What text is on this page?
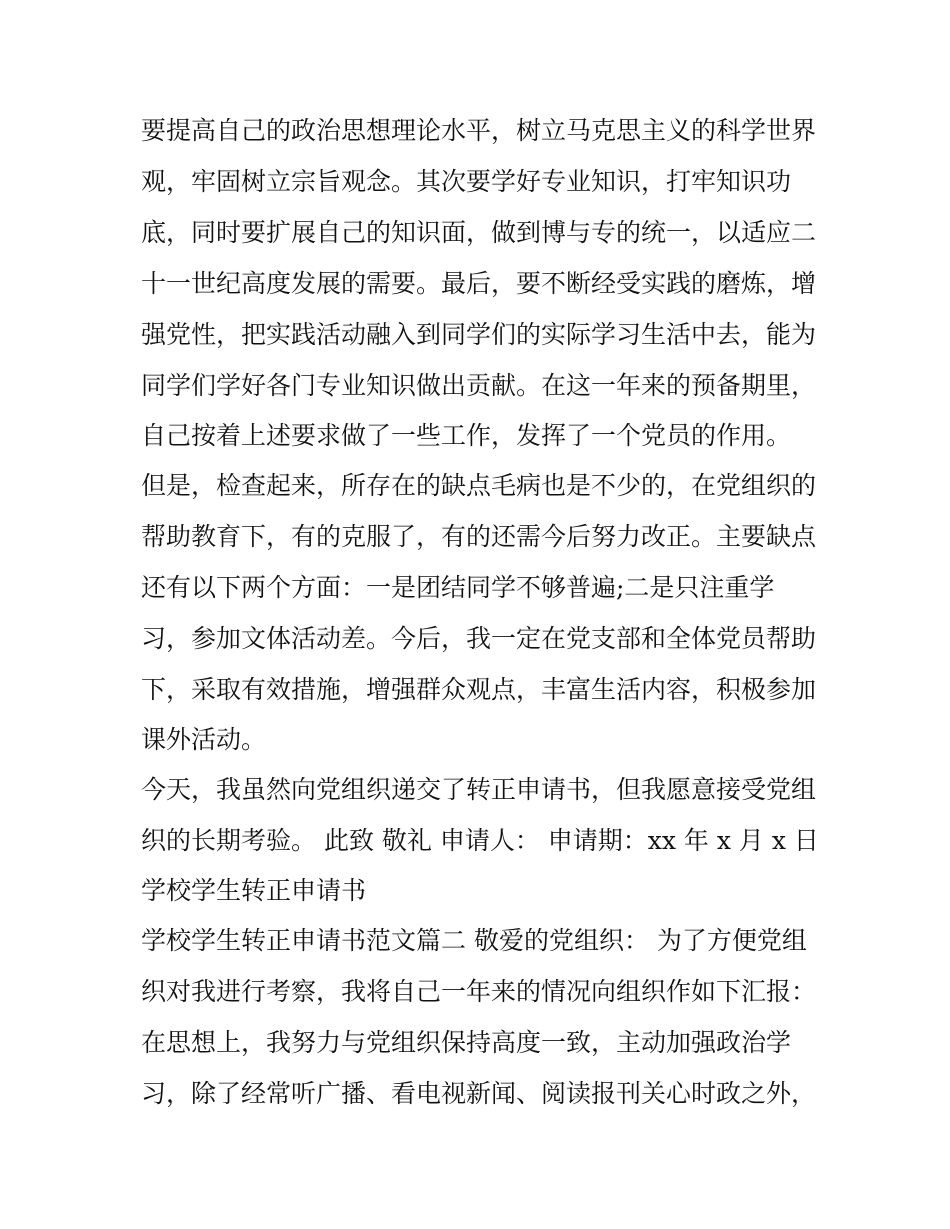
要提高自己的政治思想理论水平，树立马克思主义的科学世界
观，牢固树立宗旨观念。其次要学好专业知识，打牢知识功
底，同时要扩展自己的知识面，做到博与专的统一，以适应二
十一世纪高度发展的需要。最后，要不断经受实践的磨炼，增
强党性，把实践活动融入到同学们的实际学习生活中去，能为
同学们学好各门专业知识做出贡献。在这一年来的预备期里，
自己按着上述要求做了一些工作，发挥了一个党员的作用。
但是，检查起来，所存在的缺点毛病也是不少的，在党组织的
帮助教育下，有的克服了，有的还需今后努力改正。主要缺点
还有以下两个方面：一是团结同学不够普遍;二是只注重学
习，参加文体活动差。今后，我一定在党支部和全体党员帮助
下，采取有效措施，增强群众观点，丰富生活内容，积极参加
课外活动。
今天，我虽然向党组织递交了转正申请书，但我愿意接受党组
织的长期考验。 此致 敬礼 申请人： 申请期：xx 年 x 月 x 日
学校学生转正申请书
学校学生转正申请书范文篇二 敬爱的党组织： 为了方便党组
织对我进行考察，我将自己一年来的情况向组织作如下汇报：
在思想上，我努力与党组织保持高度一致，主动加强政治学
习，除了经常听广播、看电视新闻、阅读报刊关心时政之外，
